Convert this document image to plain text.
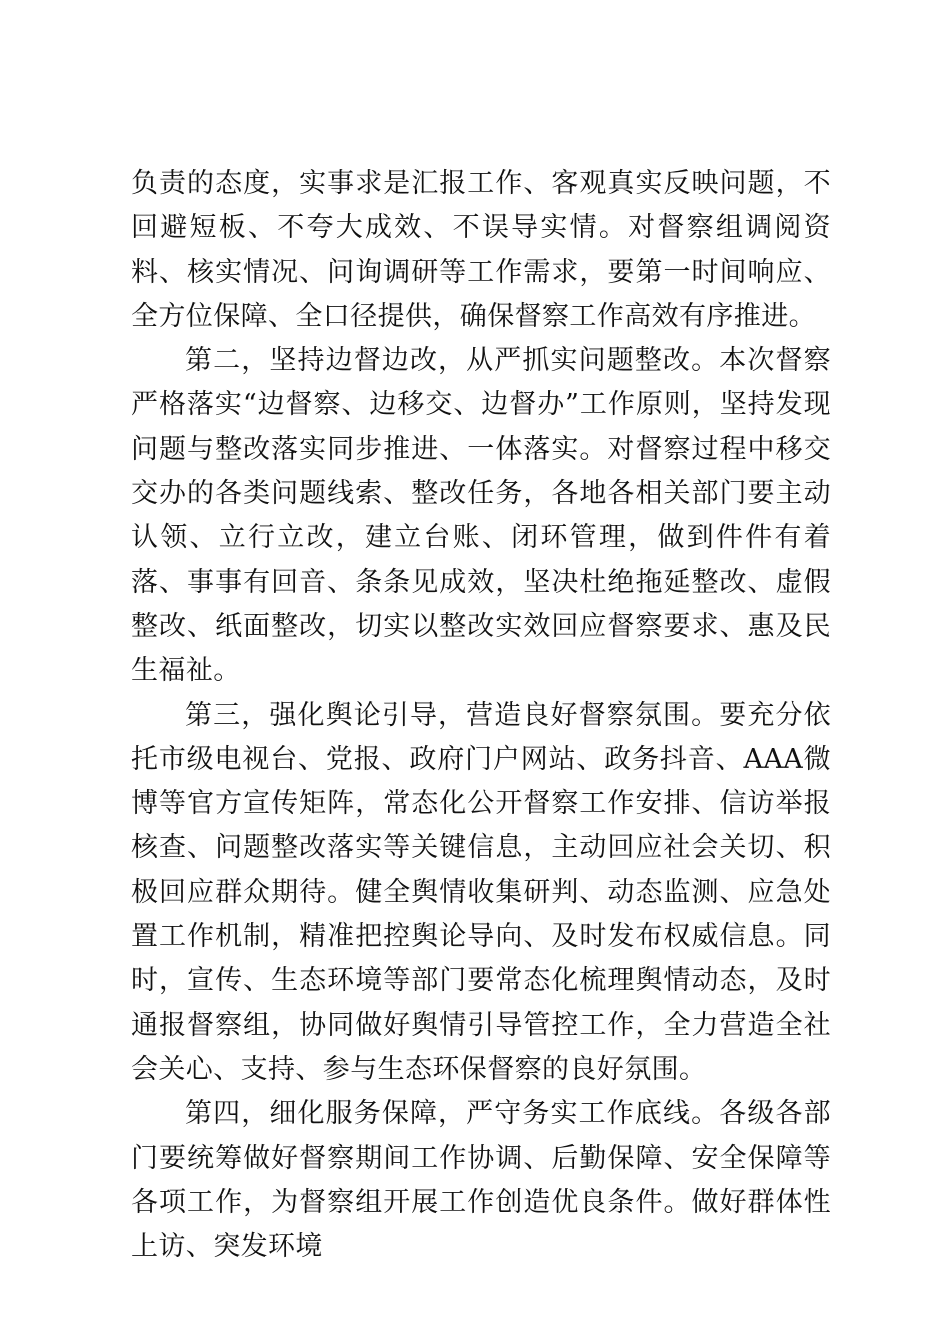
负责的态度，实事求是汇报工作、客观真实反映问题，不回避短板、不夸大成效、不误导实情。对督察组调阅资料、核实情况、问询调研等工作需求，要第一时间响应、全方位保障、全口径提供，确保督察工作高效有序推进。

第二，坚持边督边改，从严抓实问题整改。本次督察严格落实“边督察、边移交、边督办”工作原则，坚持发现问题与整改落实同步推进、一体落实。对督察过程中移交交办的各类问题线索、整改任务，各地各相关部门要主动认领、立行立改，建立台账、闭环管理，做到件件有着落、事事有回音、条条见成效，坚决杜绝拖延整改、虚假整改、纸面整改，切实以整改实效回应督察要求、惠及民生福祉。

第三，强化舆论引导，营造良好督察氛围。要充分依托市级电视台、党报、政府门户网站、政务抖音、AAA微博等官方宣传矩阵，常态化公开督察工作安排、信访举报核查、问题整改落实等关键信息，主动回应社会关切、积极回应群众期待。健全舆情收集研判、动态监测、应急处置工作机制，精准把控舆论导向、及时发布权威信息。同时，宣传、生态环境等部门要常态化梳理舆情动态，及时通报督察组，协同做好舆情引导管控工作，全力营造全社会关心、支持、参与生态环保督察的良好氛围。

第四，细化服务保障，严守务实工作底线。各级各部门要统筹做好督察期间工作协调、后勤保障、安全保障等各项工作，为督察组开展工作创造优良条件。做好群体性上访、突发环境
